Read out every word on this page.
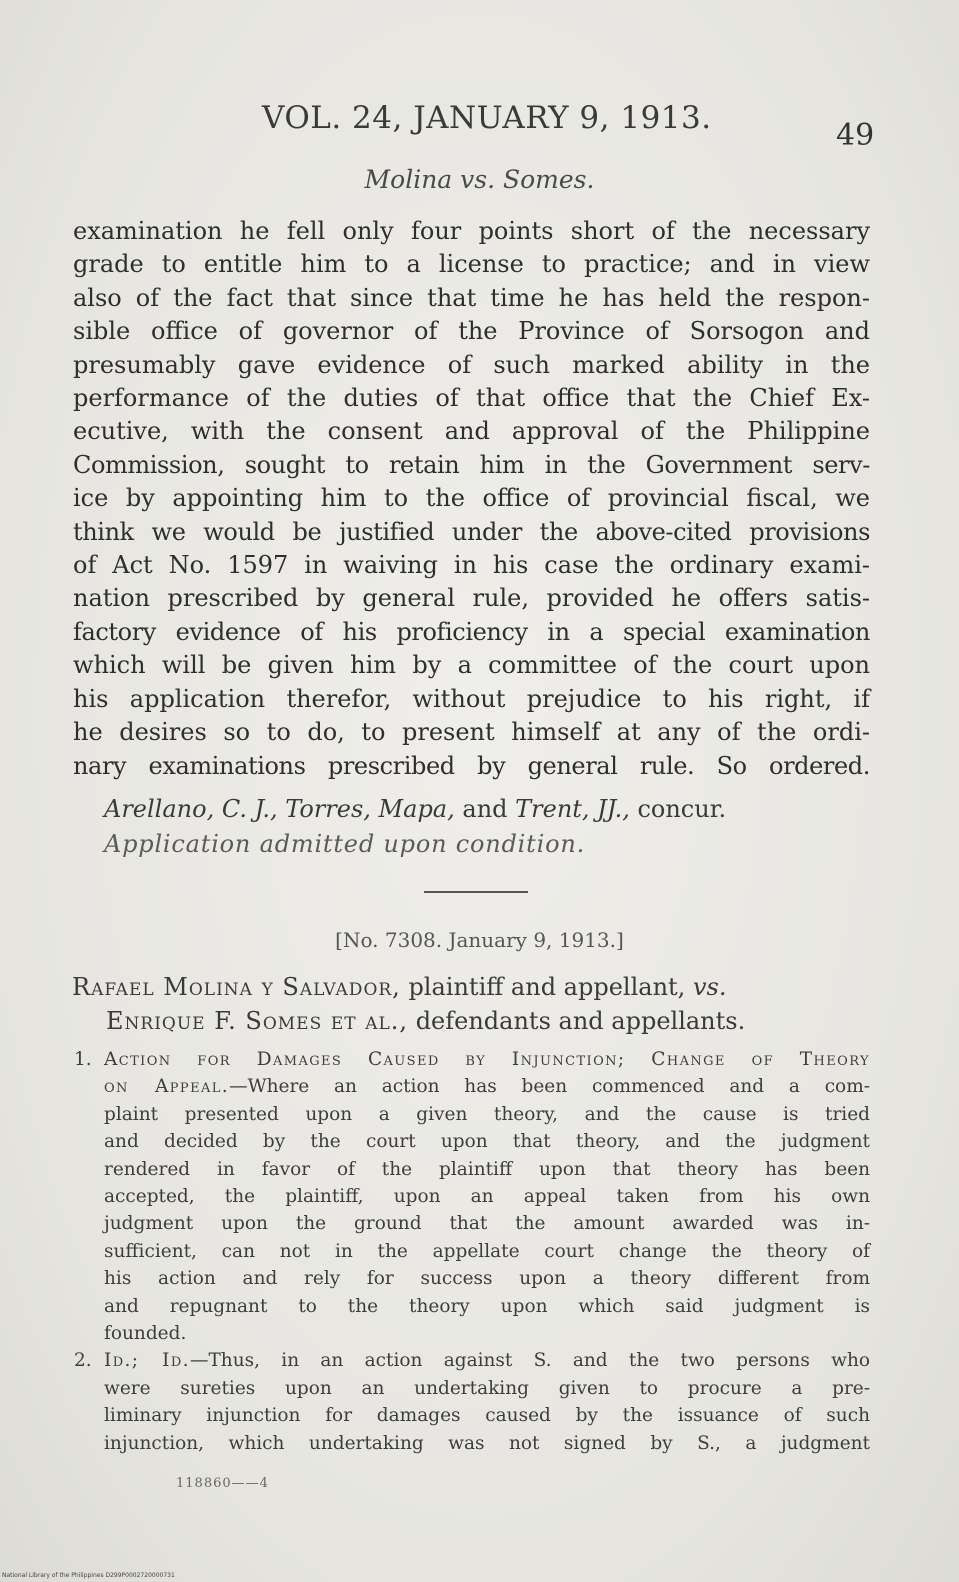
VOL. 24, JANUARY 9, 1913.	49
Molina vs. Somes.
examination he fell only four points short of the necessary
grade to entitle him to a license to practice; and in view
also of the fact that since that time he has held the respon-
sible office of governor of the Province of Sorsogon and
presumably gave evidence of such marked ability in the
performance of the duties of that office that the Chief Ex-
ecutive, with the consent and approval of the Philippine
Commission, sought to retain him in the Government serv-
ice by appointing him to the office of provincial fiscal, we
think we would be justified under the above-cited provisions
of Act No. 1597 in waiving in his case the ordinary exami-
nation prescribed by general rule, provided he offers satis-
factory evidence of his proficiency in a special examination
which will be given him by a committee of the court upon
his application therefor, without prejudice to his right, if
he desires so to do, to present himself at any of the ordi-
nary examinations prescribed by general rule. So ordered.
Arellano, C. J., Torres, Mapa, and Trent, JJ., concur.
Application admitted upon condition.
[No. 7308. January 9, 1913.]
Rafael Molina y Salvador, plaintiff and appellant, vs.
Enrique F. Somes et al., defendants and appellants.
1. Action for Damages Caused by Injunction; Change of Theory
on Appeal.—Where an action has been commenced and a com-
plaint presented upon a given theory, and the cause is tried
and decided by the court upon that theory, and the judgment
rendered in favor of the plaintiff upon that theory has been
accepted, the plaintiff, upon an appeal taken from his own
judgment upon the ground that the amount awarded was in-
sufficient, can not in the appellate court change the theory of
his action and rely for success upon a theory different from
and repugnant to the theory upon which said judgment is
founded.
2. Id.; Id.—Thus, in an action against S. and the two persons who
were sureties upon an undertaking given to procure a pre-
liminary injunction for damages caused by the issuance of such
injunction, which undertaking was not signed by S., a judgment
118860——4
National Library of the Philippines D299P0002720000731
